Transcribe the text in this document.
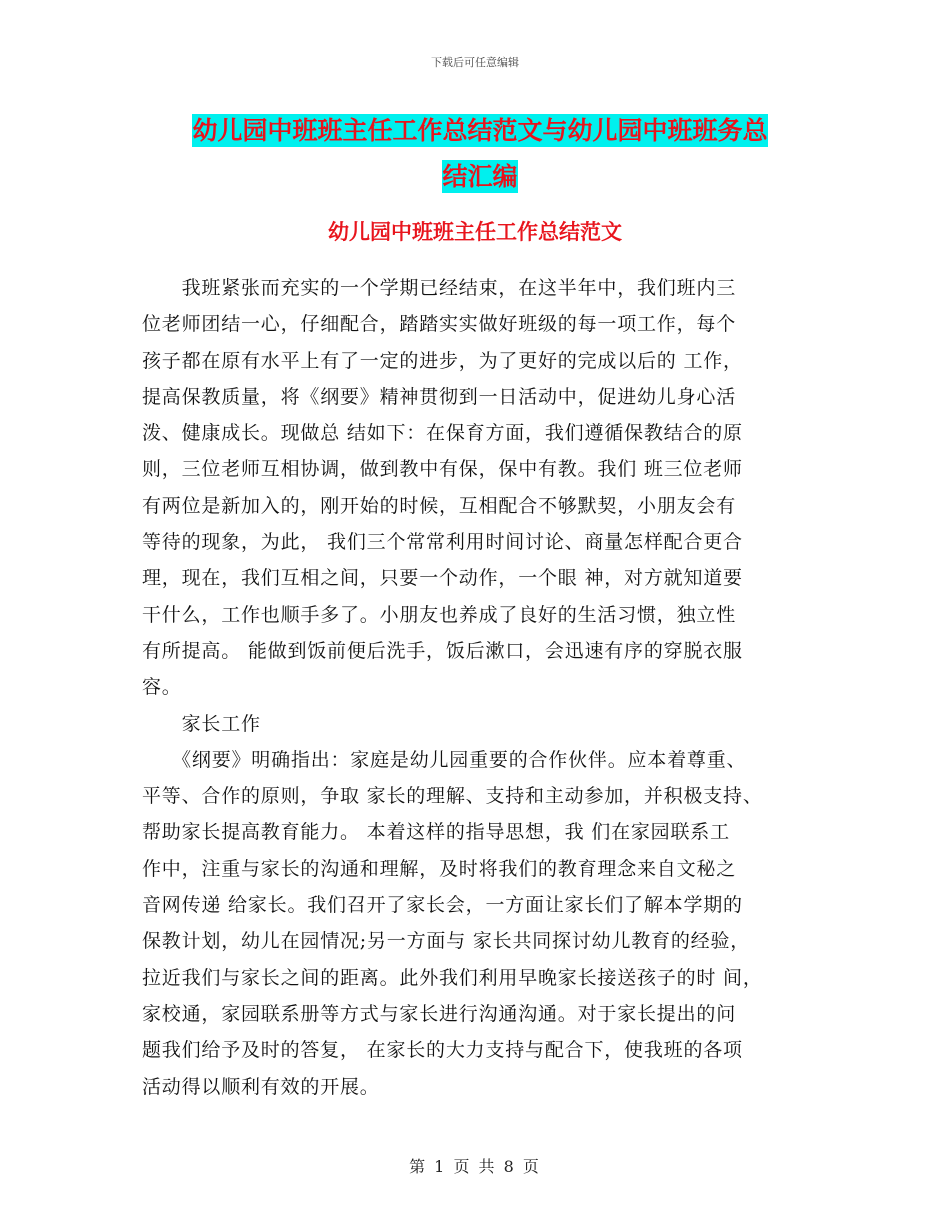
下载后可任意编辑
幼儿园中班班主任工作总结范文与幼儿园中班班务总
结汇编
幼儿园中班班主任工作总结范文
　　我班紧张而充实的一个学期已经结束，在这半年中，我们班内三
位老师团结一心，仔细配合，踏踏实实做好班级的每一项工作，每个
孩子都在原有水平上有了一定的进步，为了更好的完成以后的 工作，
提高保教质量，将《纲要》精神贯彻到一日活动中，促进幼儿身心活
泼、健康成长。现做总 结如下：在保育方面，我们遵循保教结合的原
则，三位老师互相协调，做到教中有保，保中有教。我们 班三位老师
有两位是新加入的，刚开始的时候，互相配合不够默契，小朋友会有
等待的现象，为此， 我们三个常常利用时间讨论、商量怎样配合更合
理，现在，我们互相之间，只要一个动作，一个眼 神，对方就知道要
干什么，工作也顺手多了。小朋友也养成了良好的生活习惯，独立性
有所提高。 能做到饭前便后洗手，饭后漱口，会迅速有序的穿脱衣服
容。
　　家长工作
　　《纲要》明确指出：家庭是幼儿园重要的合作伙伴。应本着尊重、
平等、合作的原则，争取 家长的理解、支持和主动参加，并积极支持、
帮助家长提高教育能力。 本着这样的指导思想，我 们在家园联系工
作中，注重与家长的沟通和理解，及时将我们的教育理念来自文秘之
音网传递 给家长。我们召开了家长会，一方面让家长们了解本学期的
保教计划，幼儿在园情况;另一方面与 家长共同探讨幼儿教育的经验，
拉近我们与家长之间的距离。此外我们利用早晚家长接送孩子的时 间，
家校通，家园联系册等方式与家长进行沟通沟通。对于家长提出的问
题我们给予及时的答复， 在家长的大力支持与配合下，使我班的各项
活动得以顺利有效的开展。
第 1 页 共 8 页
